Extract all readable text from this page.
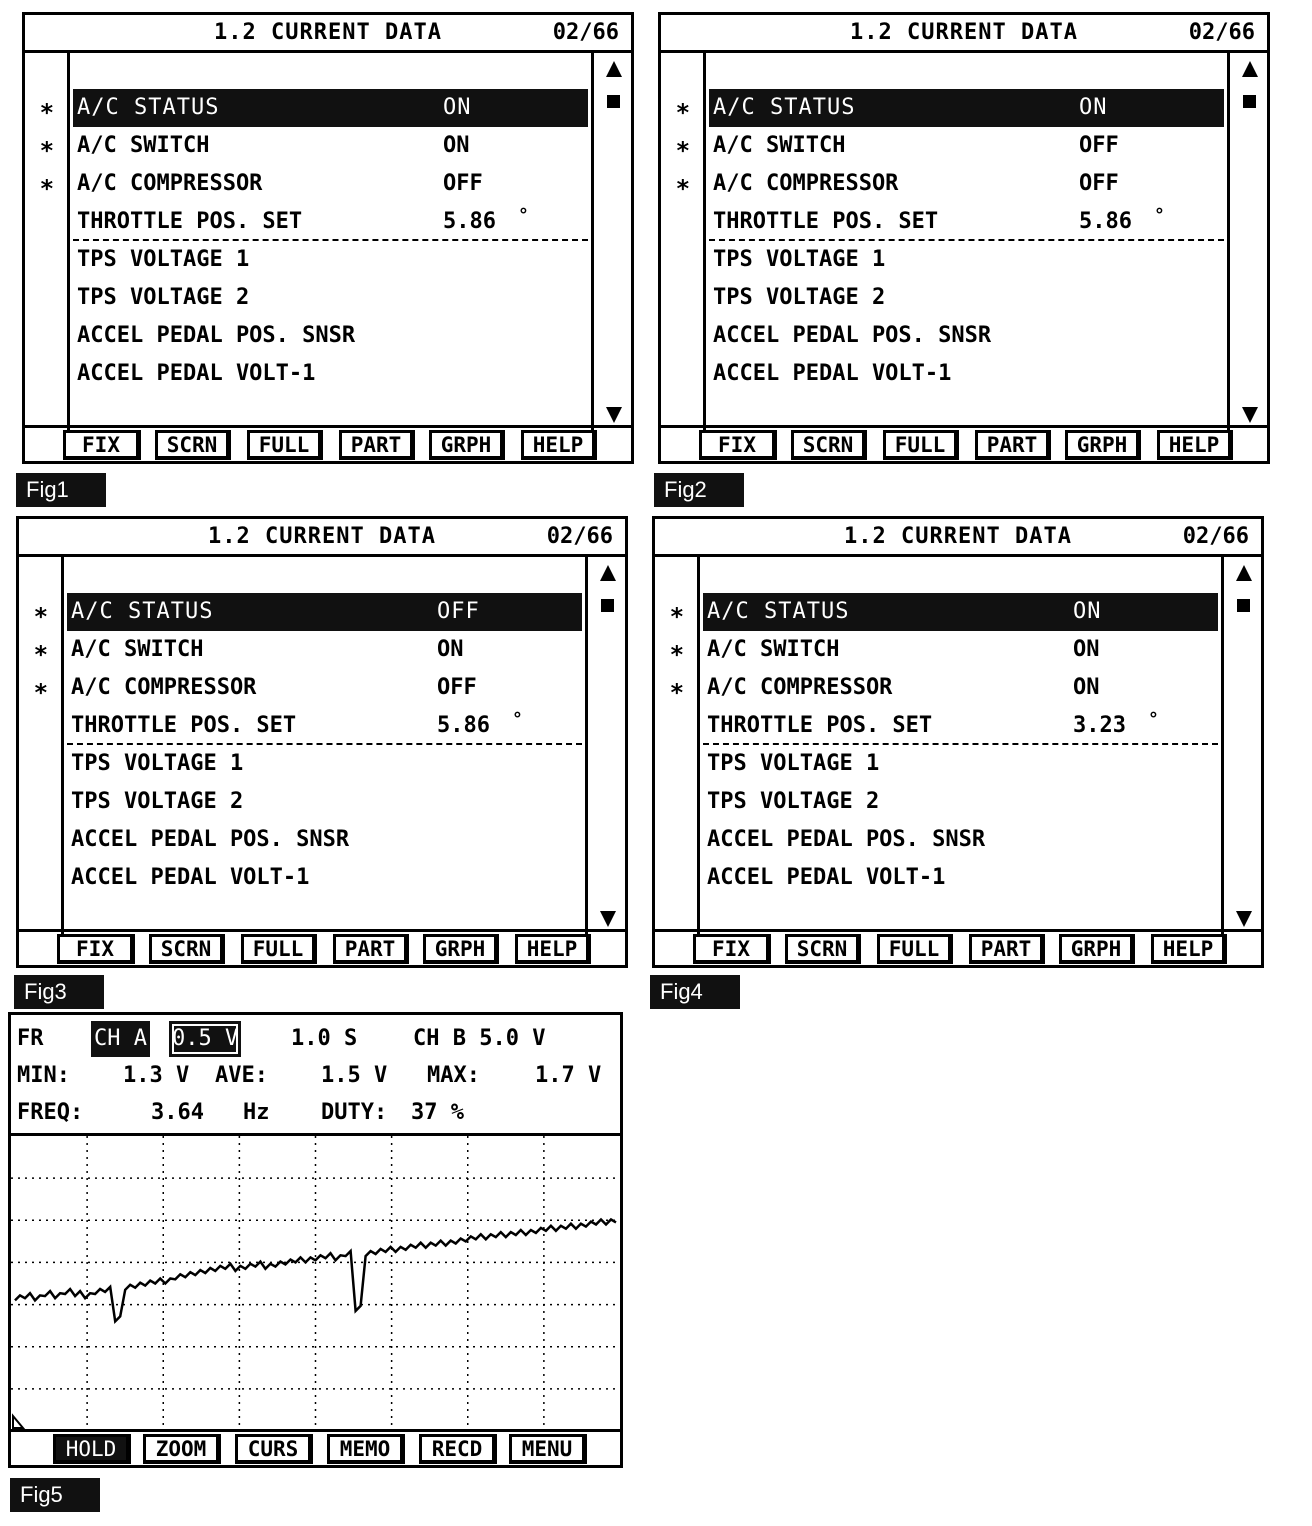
1.2 CURRENT DATA	02/66
∗	A/C STATUS	ON
∗	A/C SWITCH	ON
∗	A/C COMPRESSOR	OFF
THROTTLE POS. SET	5.86 °
TPS VOLTAGE 1
TPS VOLTAGE 2
ACCEL PEDAL POS. SNSR
ACCEL PEDAL VOLT-1
FIX	SCRN	FULL	PART	GRPH	HELP
Fig1
1.2 CURRENT DATA	02/66
∗	A/C STATUS	ON
∗	A/C SWITCH	OFF
∗	A/C COMPRESSOR	OFF
THROTTLE POS. SET	5.86 °
TPS VOLTAGE 1
TPS VOLTAGE 2
ACCEL PEDAL POS. SNSR
ACCEL PEDAL VOLT-1
FIX	SCRN	FULL	PART	GRPH	HELP
Fig2
1.2 CURRENT DATA	02/66
∗	A/C STATUS	OFF
∗	A/C SWITCH	ON
∗	A/C COMPRESSOR	OFF
THROTTLE POS. SET	5.86 °
TPS VOLTAGE 1
TPS VOLTAGE 2
ACCEL PEDAL POS. SNSR
ACCEL PEDAL VOLT-1
FIX	SCRN	FULL	PART	GRPH	HELP
Fig3
1.2 CURRENT DATA	02/66
∗	A/C STATUS	ON
∗	A/C SWITCH	ON
∗	A/C COMPRESSOR	ON
THROTTLE POS. SET	3.23 °
TPS VOLTAGE 1
TPS VOLTAGE 2
ACCEL PEDAL POS. SNSR
ACCEL PEDAL VOLT-1
FIX	SCRN	FULL	PART	GRPH	HELP
Fig4
FR CH A 0.5 V 1.0 S	CH B 5.0 V
MIN: 1.3 V AVE: 1.5 V MAX:	1.7 V
FREQ:	3.64 Hz DUTY: 37 %
HOLD	ZOOM	CURS	MEMO	RECD	MENU
Fig5
